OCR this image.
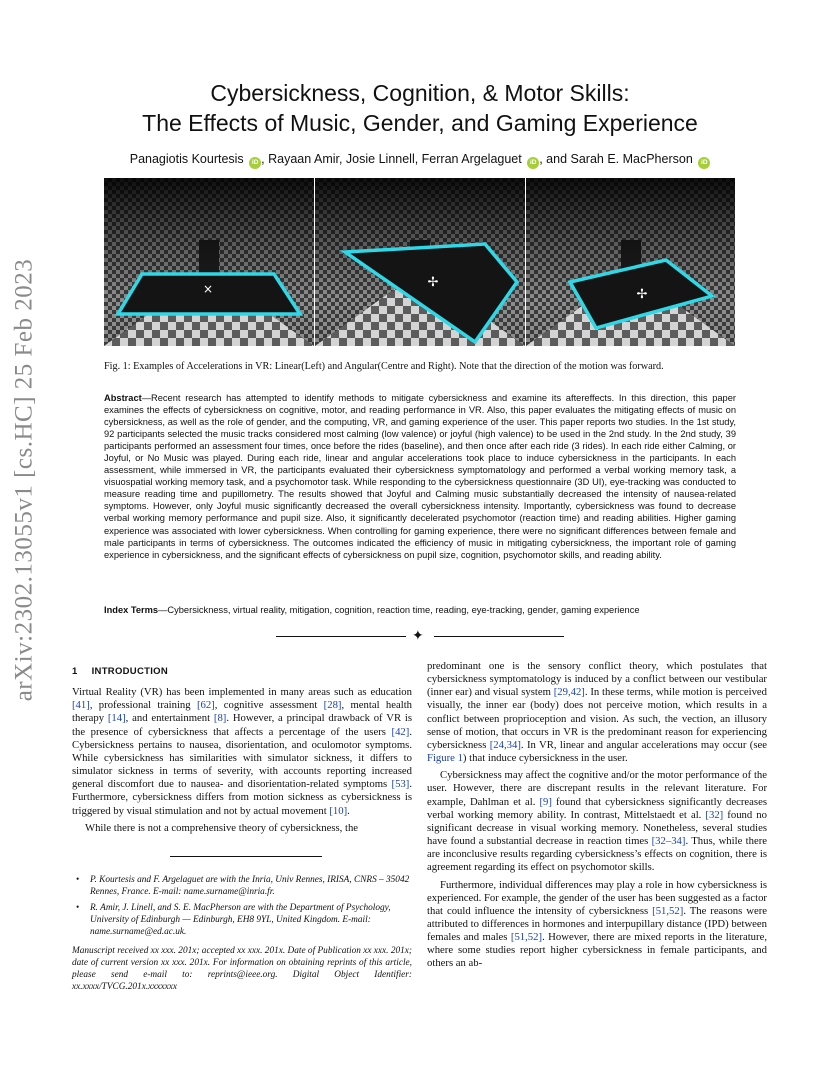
arXiv:2302.13055v1 [cs.HC] 25 Feb 2023
Cybersickness, Cognition, & Motor Skills:
The Effects of Music, Gender, and Gaming Experience
Panagiotis Kourtesis iD , Rayaan Amir, Josie Linnell, Ferran Argelaguet iD , and Sarah E. MacPherson iD
×	✢
✢
Fig. 1: Examples of Accelerations in VR: Linear(Left) and Angular(Centre and Right). Note that the direction of the motion was forward.
Abstract—Recent research has attempted to identify methods to mitigate cybersickness and examine its aftereffects. In this direction, this paper examines the effects of cybersickness on cognitive, motor, and reading performance in VR. Also, this paper evaluates the mitigating effects of music on cybersickness, as well as the role of gender, and the computing, VR, and gaming experience of the user. This paper reports two studies. In the 1st study, 92 participants selected the music tracks considered most calming (low valence) or joyful (high valence) to be used in the 2nd study. In the 2nd study, 39 participants performed an assessment four times, once before the rides (baseline), and then once after each ride (3 rides). In each ride either Calming, or Joyful, or No Music was played. During each ride, linear and angular accelerations took place to induce cybersickness in the participants. In each assessment, while immersed in VR, the participants evaluated their cybersickness symptomatology and performed a verbal working memory task, a visuospatial working memory task, and a psychomotor task. While responding to the cybersickness questionnaire (3D UI), eye-tracking was conducted to measure reading time and pupillometry. The results showed that Joyful and Calming music substantially decreased the intensity of nausea-related symptoms. However, only Joyful music significantly decreased the overall cybersickness intensity. Importantly, cybersickness was found to decrease verbal working memory performance and pupil size. Also, it significantly decelerated psychomotor (reaction time) and reading abilities. Higher gaming experience was associated with lower cybersickness. When controlling for gaming experience, there were no significant differences between female and male participants in terms of cybersickness. The outcomes indicated the efficiency of music in mitigating cybersickness, the important role of gaming experience in cybersickness, and the significant effects of cybersickness on pupil size, cognition, psychomotor skills, and reading ability.
Index Terms—Cybersickness, virtual reality, mitigation, cognition, reaction time, reading, eye-tracking, gender, gaming experience
✦
1 INTRODUCTION

Virtual Reality (VR) has been implemented in many areas such as education [41], professional training [62], cognitive assessment [28], mental health therapy [14], and entertainment [8]. However, a principal drawback of VR is the presence of cybersickness that affects a percentage of the users [42]. Cybersickness pertains to nausea, disorientation, and oculomotor symptoms. While cybersickness has similarities with simulator sickness, it differs to simulator sickness in terms of severity, with accounts reporting increased general discomfort due to nausea- and disorientation-related symptoms [53]. Furthermore, cybersickness differs from motion sickness as cybersickness is triggered by visual stimulation and not by actual movement [10].

While there is not a comprehensive theory of cybersickness, the

• P. Kourtesis and F. Argelaguet are with the Inria, Univ Rennes, IRISA, CNRS – 35042 Rennes, France. E-mail: name.surname@inria.fr.
• R. Amir, J. Linell, and S. E. MacPherson are with the Department of Psychology, University of Edinburgh — Edinburgh, EH8 9YL, United Kingdom. E-mail: name.surname@ed.ac.uk.
Manuscript received xx xxx. 201x; accepted xx xxx. 201x. Date of Publication xx xxx. 201x; date of current version xx xxx. 201x. For information on obtaining reprints of this article, please send e-mail to: reprints@ieee.org. Digital Object Identifier: xx.xxxx/TVCG.201x.xxxxxxx

predominant one is the sensory conflict theory, which postulates that cybersickness symptomatology is induced by a conflict between our vestibular (inner ear) and visual system [29,42]. In these terms, while motion is perceived visually, the inner ear (body) does not perceive motion, which results in a conflict between proprioception and vision. As such, the vection, an illusory sense of motion, that occurs in VR is the predominant reason for experiencing cybersickness [24,34]. In VR, linear and angular accelerations may occur (see Figure 1) that induce cybersickness in the user.

Cybersickness may affect the cognitive and/or the motor performance of the user. However, there are discrepant results in the relevant literature. For example, Dahlman et al. [9] found that cybersickness significantly decreases verbal working memory ability. In contrast, Mittelstaedt et al. [32] found no significant decrease in visual working memory. Nonetheless, several studies have found a substantial decrease in reaction times [32–34]. Thus, while there are inconclusive results regarding cybersickness’s effects on cognition, there is agreement regarding its effect on psychomotor skills.

Furthermore, individual differences may play a role in how cybersickness is experienced. For example, the gender of the user has been suggested as a factor that could influence the intensity of cybersickness [51,52]. The reasons were attributed to differences in hormones and interpupillary distance (IPD) between females and males [51,52]. However, there are mixed reports in the literature, where some studies report higher cybersickness in female participants, and others an ab-
